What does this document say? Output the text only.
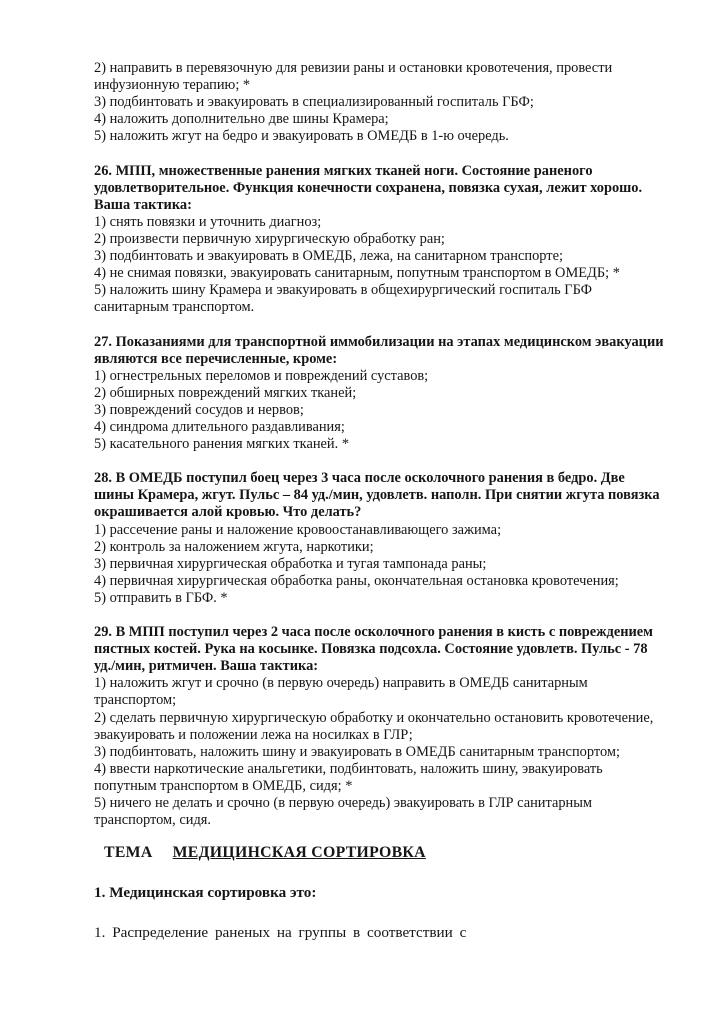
2) направить в перевязочную для ревизии раны и остановки кровотечения, провести инфузионную терапию; *

3) подбинтовать и эвакуировать в специализированный госпиталь ГБФ;

4) наложить дополнительно две шины Крамера;

5) наложить жгут на бедро и эвакуировать в ОМЕДБ в 1-ю очередь.

26. МПП, множественные ранения мягких тканей ноги. Состояние раненого удовлетворительное. Функция конечности сохранена, повязка сухая, лежит хорошо. Ваша тактика:

1) снять повязки и уточнить диагноз;

2) произвести первичную хирургическую обработку ран;

3) подбинтовать и эвакуировать в ОМЕДБ, лежа, на санитарном транспорте;

4) не снимая повязки, эвакуировать санитарным, попутным транспортом в ОМЕДБ; *

5) наложить шину Крамера и эвакуировать в общехирургический госпиталь ГБФ санитарным транспортом.

27. Показаниями для транспортной иммобилизации на этапах медицинском эвакуации являются все перечисленные, кроме:

1) огнестрельных переломов и повреждений суставов;

2) обширных повреждений мягких тканей;

3) повреждений сосудов и нервов;

4) синдрома длительного раздавливания;

5) касательного ранения мягких тканей. *

28. В ОМЕДБ поступил боец через 3 часа после осколочного ранения в бедро. Две шины Крамера, жгут. Пульс – 84 уд./мин, удовлетв. наполн. При снятии жгута повязка окрашивается алой кровью. Что делать?

1) рассечение раны и наложение кровоостанавливающего зажима;

2) контроль за наложением жгута, наркотики;

3) первичная хирургическая обработка и тугая тампонада раны;

4) первичная хирургическая обработка раны, окончательная остановка кровотечения;

5) отправить в ГБФ. *

29. В МПП поступил через 2 часа после осколочного ранения в кисть с повреждением пястных костей. Рука на косынке. Повязка подсохла. Состояние удовлетв. Пульс - 78 уд./мин, ритмичен. Ваша тактика:

1) наложить жгут и срочно (в первую очередь) направить в ОМЕДБ санитарным транспортом;

2) сделать первичную хирургическую обработку и окончательно остановить кровотечение, эвакуировать и положении лежа на носилках в ГЛР;

3) подбинтовать, наложить шину и эвакуировать в ОМЕДБ санитарным транспортом;

4) ввести наркотические анальгетики, подбинтовать, наложить шину, эвакуировать попутным транспортом в ОМЕДБ, сидя; *

5) ничего не делать и срочно (в первую очередь) эвакуировать в ГЛР санитарным транспортом, сидя.

ТЕМА МЕДИЦИНСКАЯ СОРТИРОВКА

1. Медицинская сортировка это:

1. Распределение раненых на группы в соответствии с
